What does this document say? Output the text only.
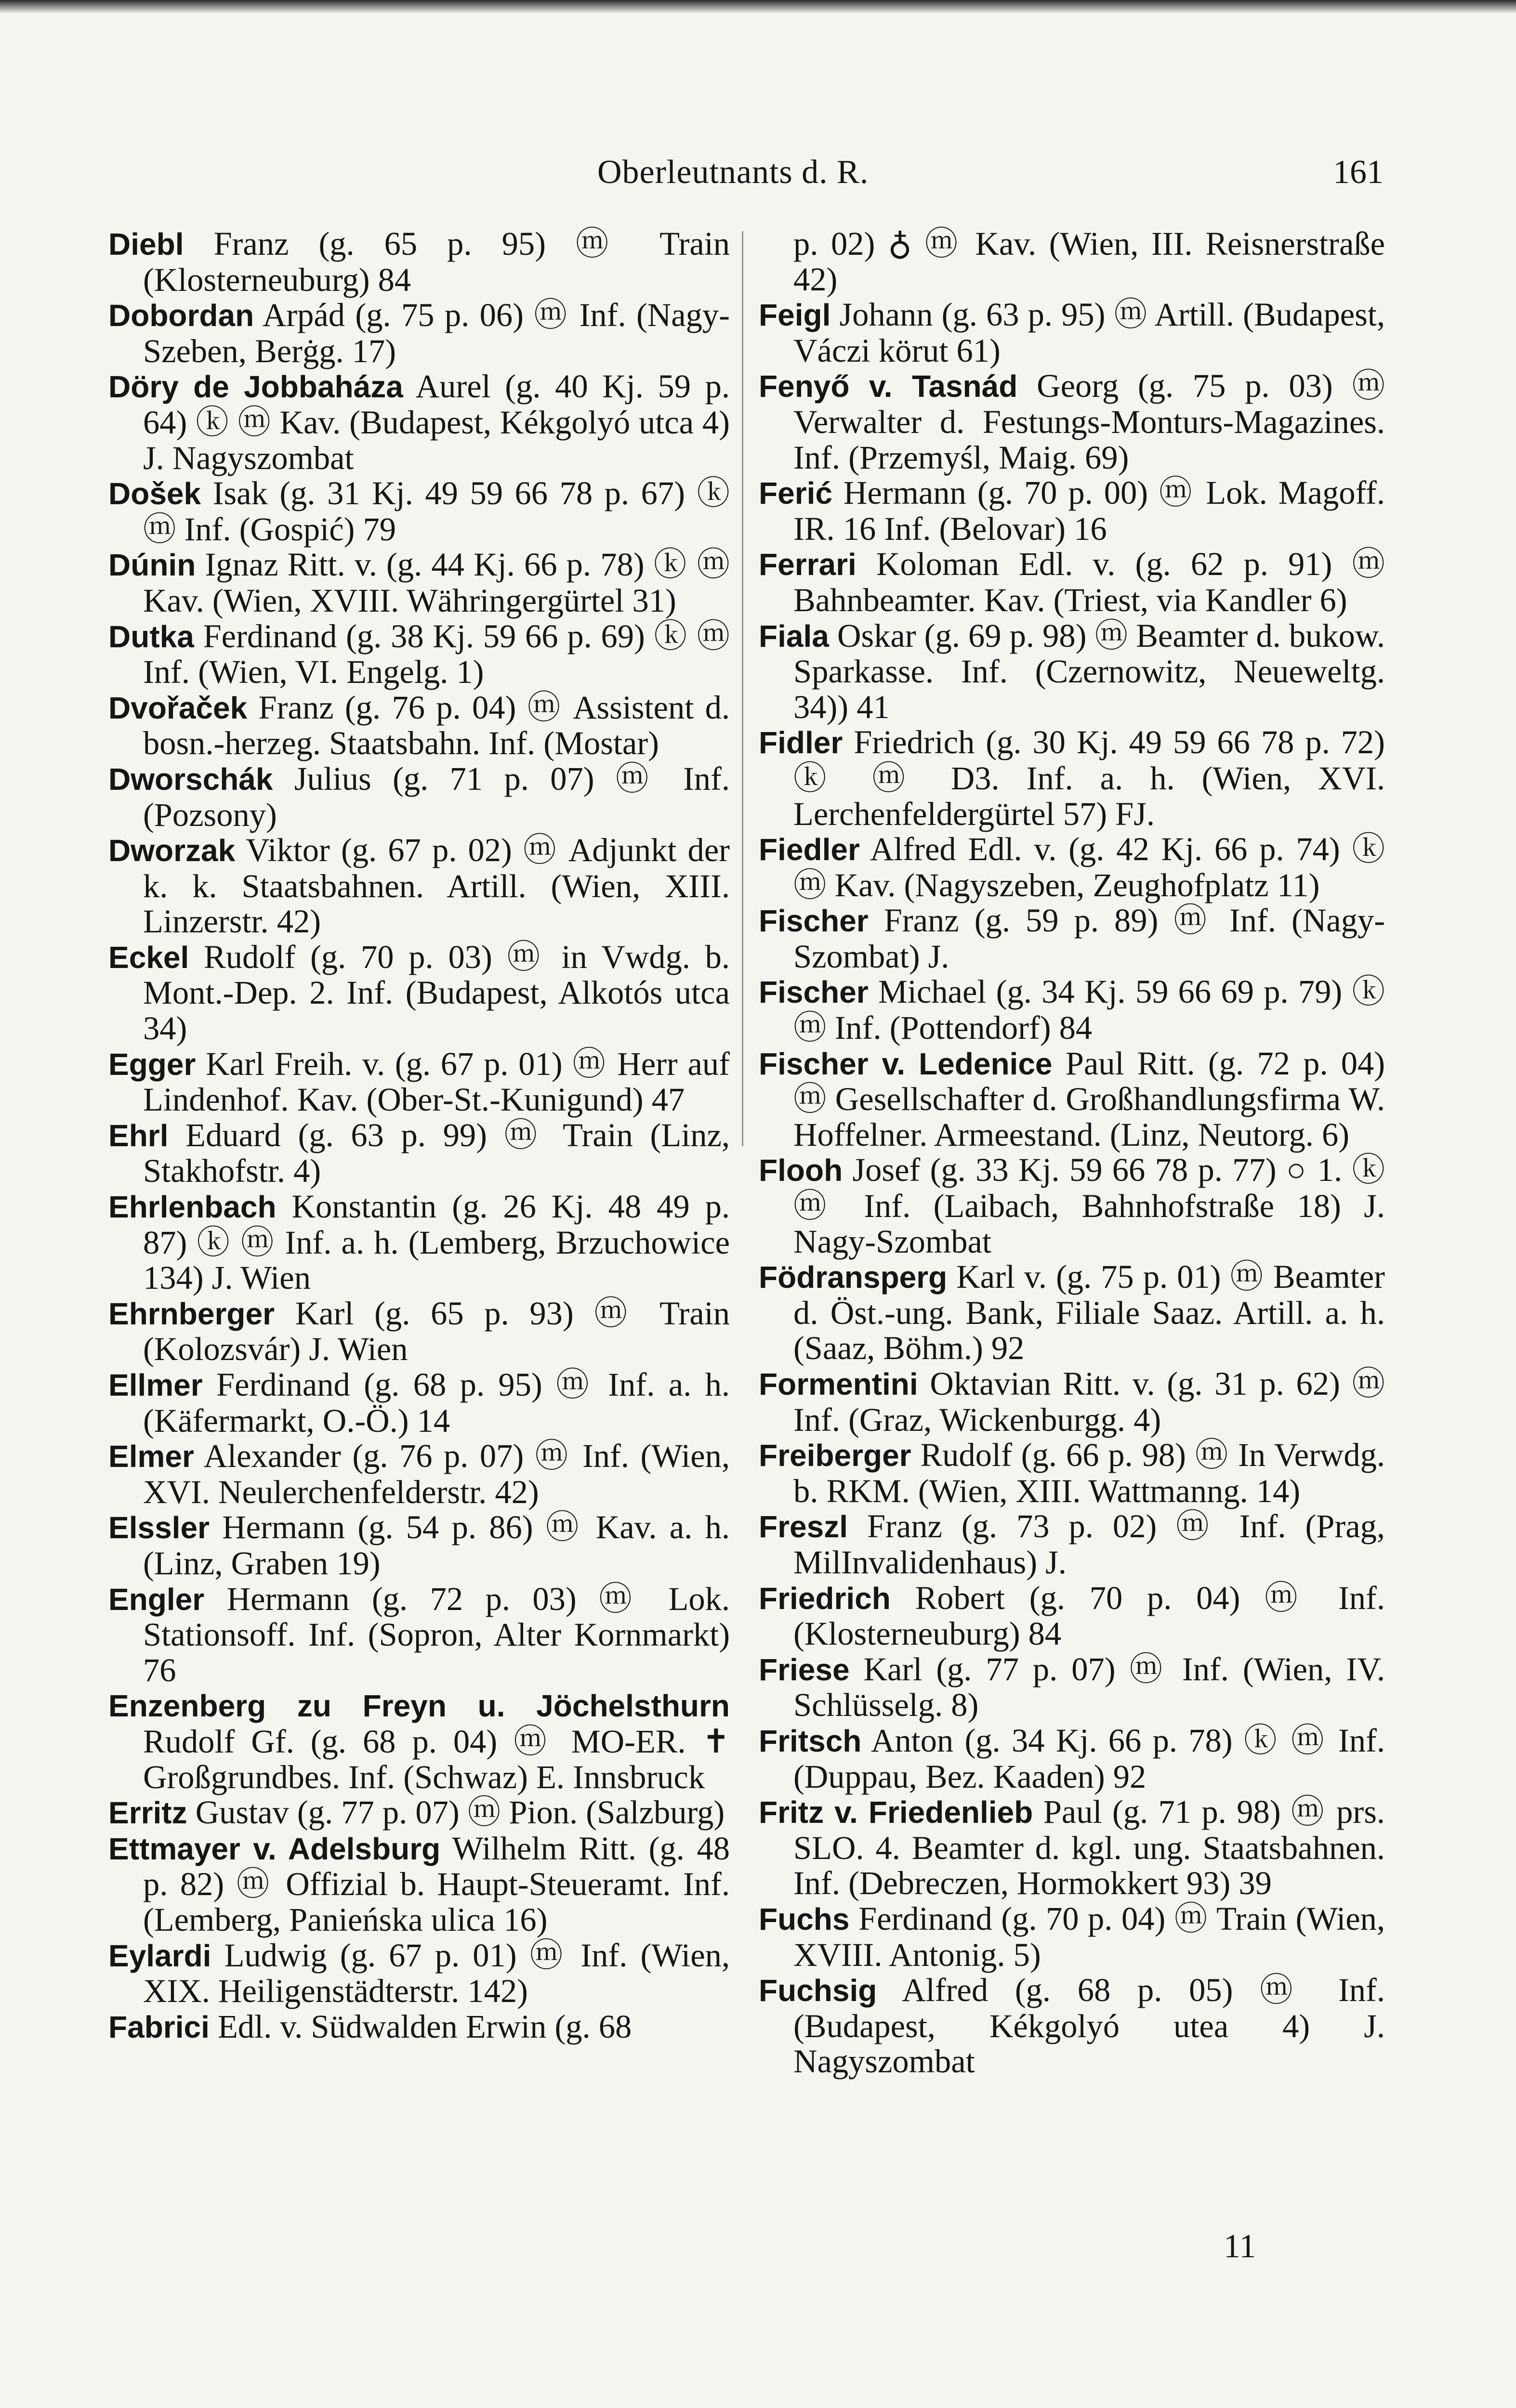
Oberleutnants d. R.	161

Diebl Franz (g. 65 p. 95) ⓜ Train (Klosterneuburg) 84

Dobordan Arpád (g. 75 p. 06) ⓜ Inf. (Nagy-Szeben, Berġg. 17)

Döry de Jobbaháza Aurel (g. 40 Kj. 59 p. 64) ⓚ ⓜ Kav. (Budapest, Kékgolyó utca 4) J. Nagyszombat

Došek Isak (g. 31 Kj. 49 59 66 78 p. 67) ⓚ ⓜ Inf. (Gospić) 79

Dúnin Ignaz Ritt. v. (g. 44 Kj. 66 p. 78) ⓚ ⓜ Kav. (Wien, XVIII. Währingergürtel 31)

Dutka Ferdinand (g. 38 Kj. 59 66 p. 69) ⓚ ⓜ Inf. (Wien, VI. Engelg. 1)

Dvořaček Franz (g. 76 p. 04) ⓜ Assistent d. bosn.-herzeg. Staatsbahn. Inf. (Mostar)

Dworschák Julius (g. 71 p. 07) ⓜ Inf. (Pozsony)

Dworzak Viktor (g. 67 p. 02) ⓜ Adjunkt der k. k. Staatsbahnen. Artill. (Wien, XIII. Linzerstr. 42)

Eckel Rudolf (g. 70 p. 03) ⓜ in Vwdg. b. Mont.-Dep. 2. Inf. (Budapest, Alkotós utca 34)

Egger Karl Freih. v. (g. 67 p. 01) ⓜ Herr auf Lindenhof. Kav. (Ober-St.-Kunigund) 47

Ehrl Eduard (g. 63 p. 99) ⓜ Train (Linz, Stakhofstr. 4)

Ehrlenbach Konstantin (g. 26 Kj. 48 49 p. 87) ⓚ ⓜ Inf. a. h. (Lemberg, Brzuchowice 134) J. Wien

Ehrnberger Karl (g. 65 p. 93) ⓜ Train (Kolozsvár) J. Wien

Ellmer Ferdinand (g. 68 p. 95) ⓜ Inf. a. h. (Käfermarkt, O.-Ö.) 14

Elmer Alexander (g. 76 p. 07) ⓜ Inf. (Wien, XVI. Neulerchenfelderstr. 42)

Elssler Hermann (g. 54 p. 86) ⓜ Kav. a. h. (Linz, Graben 19)

Engler Hermann (g. 72 p. 03) ⓜ Lok. Stationsoff. Inf. (Sopron, Alter Kornmarkt) 76

Enzenberg zu Freyn u. Jöchelsthurn Rudolf Gf. (g. 68 p. 04) ⓜ MO-ER. ✝ Großgrundbes. Inf. (Schwaz) E. Innsbruck

Erritz Gustav (g. 77 p. 07) ⓜ Pion. (Salzburg)

Ettmayer v. Adelsburg Wilhelm Ritt. (g. 48 p. 82) ⓜ Offizial b. Haupt-Steueramt. Inf. (Lemberg, Panieńska ulica 16)

Eylardi Ludwig (g. 67 p. 01) ⓜ Inf. (Wien, XIX. Heiligenstädterstr. 142)

Fabrici Edl. v. Südwalden Erwin (g. 68

p. 02) ♁ ⓜ Kav. (Wien, III. Reisnerstraße 42)

Feigl Johann (g. 63 p. 95) ⓜ Artill. (Budapest, Váczi körut 61)

Fenyő v. Tasnád Georg (g. 75 p. 03) ⓜ Verwalter d. Festungs-Monturs-Magazines. Inf. (Przemyśl, Maig. 69)

Ferić Hermann (g. 70 p. 00) ⓜ Lok. Magoff. IR. 16 Inf. (Belovar) 16

Ferrari Koloman Edl. v. (g. 62 p. 91) ⓜ Bahnbeamter. Kav. (Triest, via Kandler 6)

Fiala Oskar (g. 69 p. 98) ⓜ Beamter d. bukow. Sparkasse. Inf. (Czernowitz, Neueweltg. 34)) 41

Fidler Friedrich (g. 30 Kj. 49 59 66 78 p. 72) ⓚ ⓜ D3. Inf. a. h. (Wien, XVI. Lerchenfeldergürtel 57) FJ.

Fiedler Alfred Edl. v. (g. 42 Kj. 66 p. 74) ⓚ ⓜ Kav. (Nagyszeben, Zeughofplatz 11)

Fischer Franz (g. 59 p. 89) ⓜ Inf. (Nagy-Szombat) J.

Fischer Michael (g. 34 Kj. 59 66 69 p. 79) ⓚ ⓜ Inf. (Pottendorf) 84

Fischer v. Ledenice Paul Ritt. (g. 72 p. 04) ⓜ Gesellschafter d. Großhandlungsfirma W. Hoffelner. Armeestand. (Linz, Neutorg. 6)

Flooh Josef (g. 33 Kj. 59 66 78 p. 77) ○ 1. ⓚ ⓜ Inf. (Laibach, Bahnhofstraße 18) J. Nagy-Szombat

Födransperg Karl v. (g. 75 p. 01) ⓜ Beamter d. Öst.-ung. Bank, Filiale Saaz. Artill. a. h. (Saaz, Böhm.) 92

Formentini Oktavian Ritt. v. (g. 31 p. 62) ⓜ Inf. (Graz, Wickenburgg. 4)

Freiberger Rudolf (g. 66 p. 98) ⓜ In Verwdg. b. RKM. (Wien, XIII. Wattmanng. 14)

Freszl Franz (g. 73 p. 02) ⓜ Inf. (Prag, MilInvalidenhaus) J.

Friedrich Robert (g. 70 p. 04) ⓜ Inf. (Klosterneuburg) 84

Friese Karl (g. 77 p. 07) ⓜ Inf. (Wien, IV. Schlüsselg. 8)

Fritsch Anton (g. 34 Kj. 66 p. 78) ⓚ ⓜ Inf. (Duppau, Bez. Kaaden) 92

Fritz v. Friedenlieb Paul (g. 71 p. 98) ⓜ prs. SLO. 4. Beamter d. kgl. ung. Staatsbahnen. Inf. (Debreczen, Hormokkert 93) 39

Fuchs Ferdinand (g. 70 p. 04) ⓜ Train (Wien, XVIII. Antonig. 5)

Fuchsig Alfred (g. 68 p. 05) ⓜ Inf. (Budapest, Kékgolyó utea 4) J. Nagyszombat

11
